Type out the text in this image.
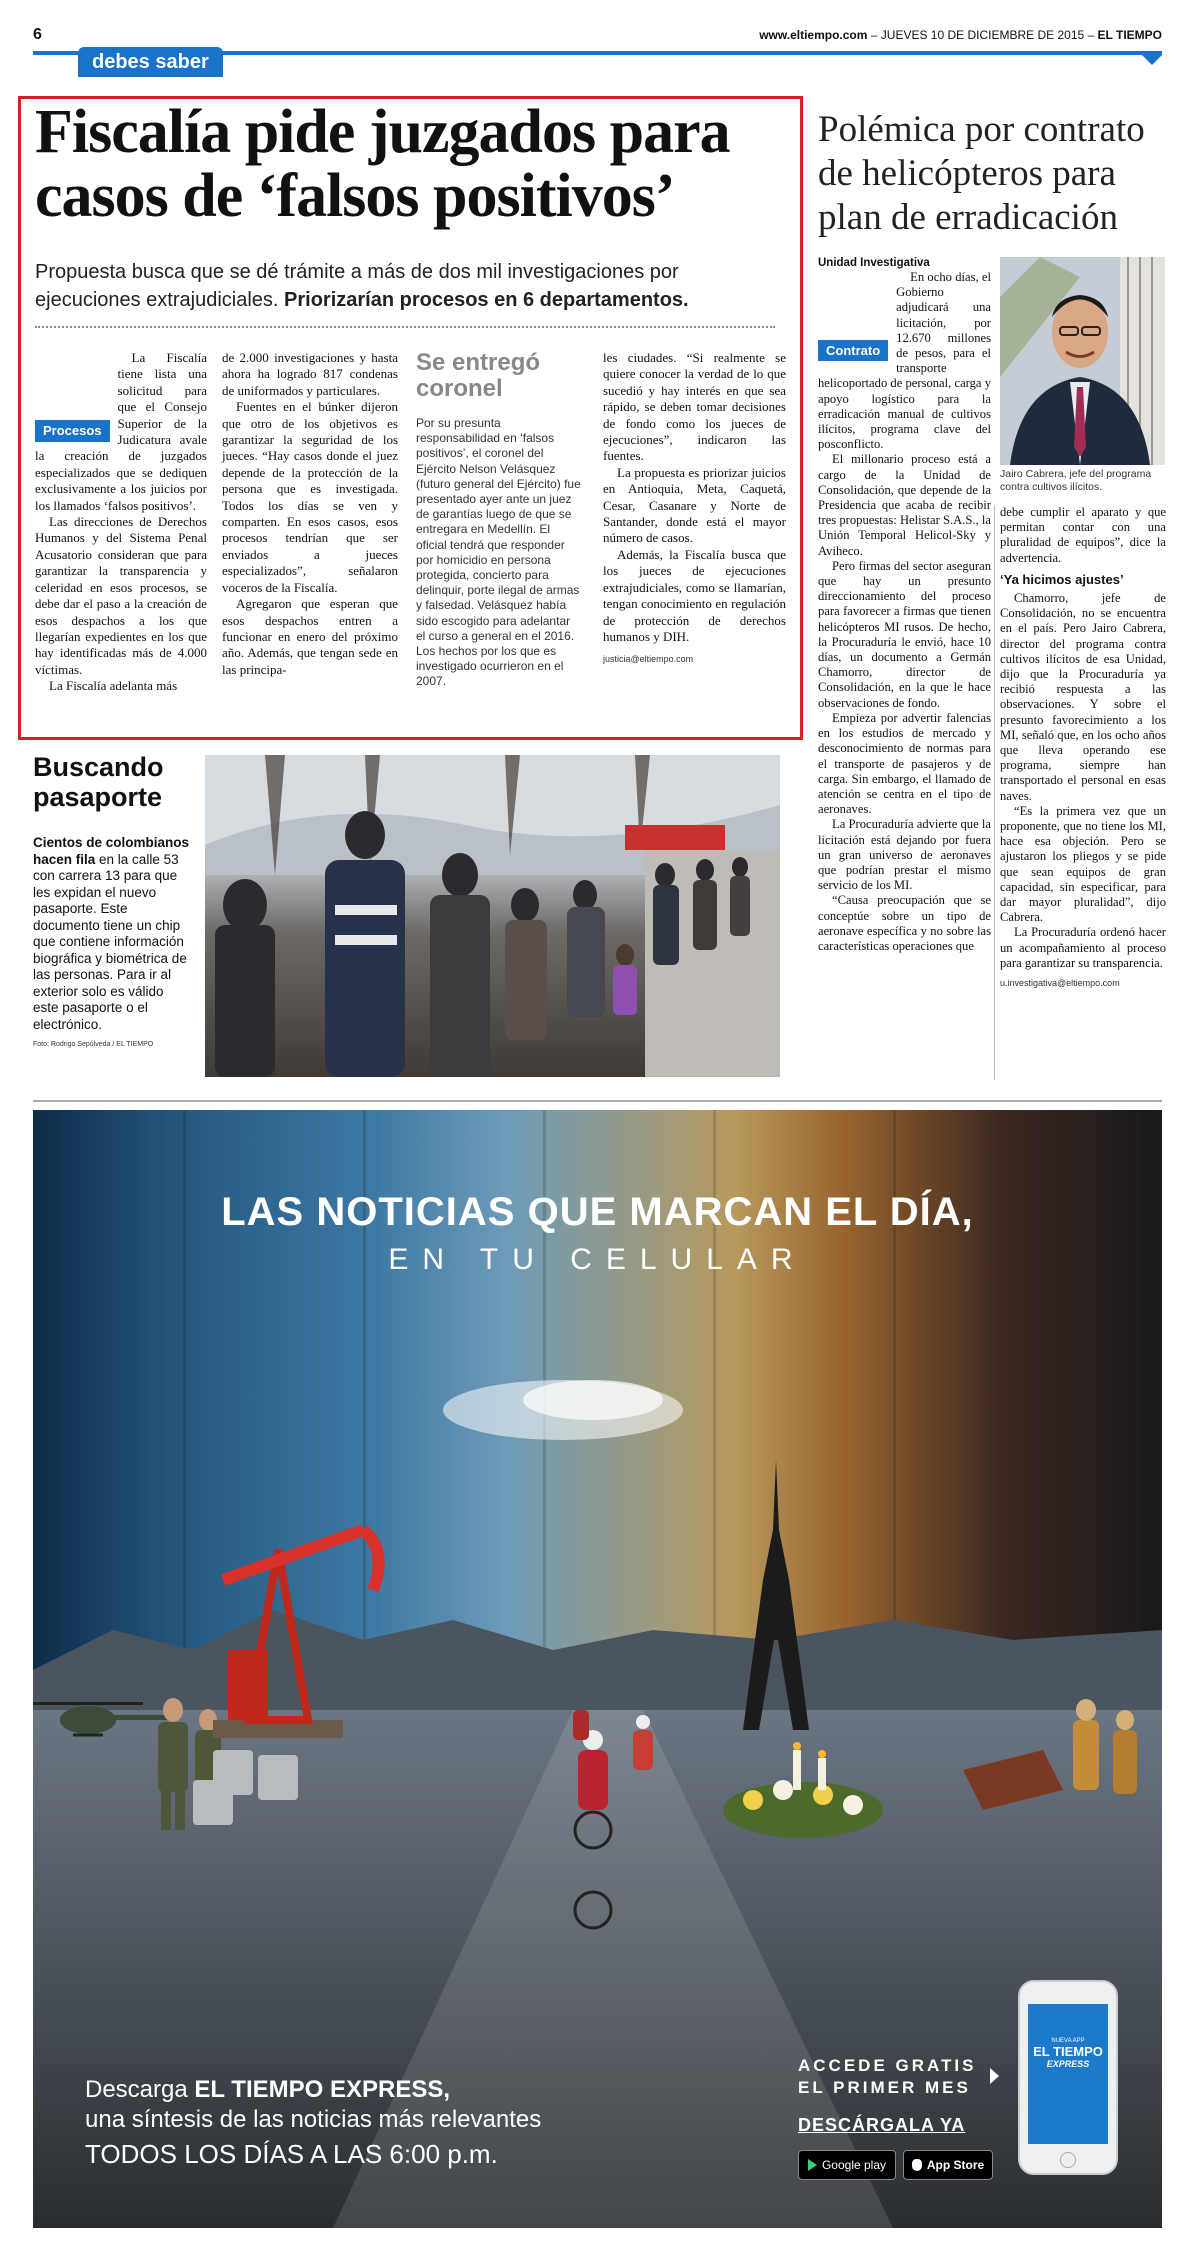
6	www.eltiempo.com – JUEVES 10 DE DICIEMBRE DE 2015 – EL TIEMPO
debes saber
Fiscalía pide juzgados para casos de ‘falsos positivos’
Propuesta busca que se dé trámite a más de dos mil investigaciones por ejecuciones extrajudiciales. Priorizarían procesos en 6 departamentos.
Procesos

La Fiscalía tiene lista una solicitud para que el Consejo Superior de la Judicatura avale la creación de juzgados especializados que se dediquen exclusivamente a los juicios por los llamados ‘falsos positivos’.

Las direcciones de Derechos Humanos y del Sistema Penal Acusatorio consideran que para garantizar la transparencia y celeridad en esos procesos, se debe dar el paso a la creación de esos despachos a los que llegarían expedientes en los que hay identificadas más de 4.000 víctimas.

La Fiscalía adelanta más

de 2.000 investigaciones y hasta ahora ha logrado 817 condenas de uniformados y particulares.

Fuentes en el búnker dijeron que otro de los objetivos es garantizar la seguridad de los jueces. “Hay casos donde el juez depende de la protección de la persona que es investigada. Todos los días se ven y comparten. En esos casos, esos procesos tendrían que ser enviados a jueces especializados”, señalaron voceros de la Fiscalía.

Agregaron que esperan que esos despachos entren a funcionar en enero del próximo año. Además, que tengan sede en las principa-

Se entregó coronel
Por su presunta responsabilidad en ‘falsos positivos’, el coronel del Ejército Nelson Velásquez (futuro general del Ejército) fue presentado ayer ante un juez de garantías luego de que se entregara en Medellín. El oficial tendrá que responder por homicidio en persona protegida, concierto para delinquir, porte ilegal de armas y falsedad. Velásquez había sido escogido para adelantar el curso a general en el 2016. Los hechos por los que es investigado ocurrieron en el 2007.

les ciudades. “Si realmente se quiere conocer la verdad de lo que sucedió y hay interés en que sea rápido, se deben tomar decisiones de fondo como los jueces de ejecuciones”, indicaron las fuentes.

La propuesta es priorizar juicios en Antioquia, Meta, Caquetá, Cesar, Casanare y Norte de Santander, donde está el mayor número de casos.

Además, la Fiscalía busca que los jueces de ejecuciones extrajudiciales, como se llamarían, tengan conocimiento en regulación de protección de derechos humanos y DIH.

justicia@eltiempo.com
Buscando pasaporte
Cientos de colombianos hacen fila en la calle 53 con carrera 13 para que les expidan el nuevo pasaporte. Este documento tiene un chip que contiene información biográfica y biométrica de las personas. Para ir al exterior solo es válido este pasaporte o el electrónico.
Foto: Rodrigo Sepúlveda / EL TIEMPO
Polémica por contrato de helicópteros para plan de erradicación
Unidad Investigativa
Contrato

En ocho días, el Gobierno adjudicará una licitación, por 12.670 millones de pesos, para el transporte helicoportado de personal, carga y apoyo logístico para la erradicación manual de cultivos ilícitos, programa clave del posconflicto.

El millonario proceso está a cargo de la Unidad de Consolidación, que depende de la Presidencia que acaba de recibir tres propuestas: Helistar S.A.S., la Unión Temporal Helicol-Sky y Aviheco.

Pero firmas del sector aseguran que hay un presunto direccionamiento del proceso para favorecer a firmas que tienen helicópteros MI rusos. De hecho, la Procuraduría le envió, hace 10 días, un documento a Germán Chamorro, director de Consolidación, en la que le hace observaciones de fondo.

Empieza por advertir falencias en los estudios de mercado y desconocimiento de normas para el transporte de pasajeros y de carga. Sin embargo, el llamado de atención se centra en el tipo de aeronaves.

La Procuraduría advierte que la licitación está dejando por fuera un gran universo de aeronaves que podrían prestar el mismo servicio de los MI.

“Causa preocupación que se conceptúe sobre un tipo de aeronave específica y no sobre las características operaciones que

Jairo Cabrera, jefe del programa contra cultivos ilícitos.

debe cumplir el aparato y que permitan contar con una pluralidad de equipos”, dice la advertencia.

‘Ya hicimos ajustes’

Chamorro, jefe de Consolidación, no se encuentra en el país. Pero Jairo Cabrera, director del programa contra cultivos ilícitos de esa Unidad, dijo que la Procuraduría ya recibió respuesta a las observaciones. Y sobre el presunto favorecimiento a los MI, señaló que, en los ocho años que lleva operando ese programa, siempre han transportado el personal en esas naves.

“Es la primera vez que un proponente, que no tiene los MI, hace esa objeción. Pero se ajustaron los pliegos y se pide que sean equipos de gran capacidad, sin especificar, para dar mayor pluralidad”, dijo Cabrera.

La Procuraduría ordenó hacer un acompañamiento al proceso para garantizar su transparencia.

u.investigativa@eltiempo.com
LAS NOTICIAS QUE MARCAN EL DÍA,
EN TU CELULAR
Descarga EL TIEMPO EXPRESS,
una síntesis de las noticias más relevantes
TODOS LOS DÍAS A LAS 6:00 p.m.
ACCEDE GRATIS
EL PRIMER MES
DESCÁRGALA YA
Google play	App Store
NUEVA APP
EL TIEMPO
EXPRESS
